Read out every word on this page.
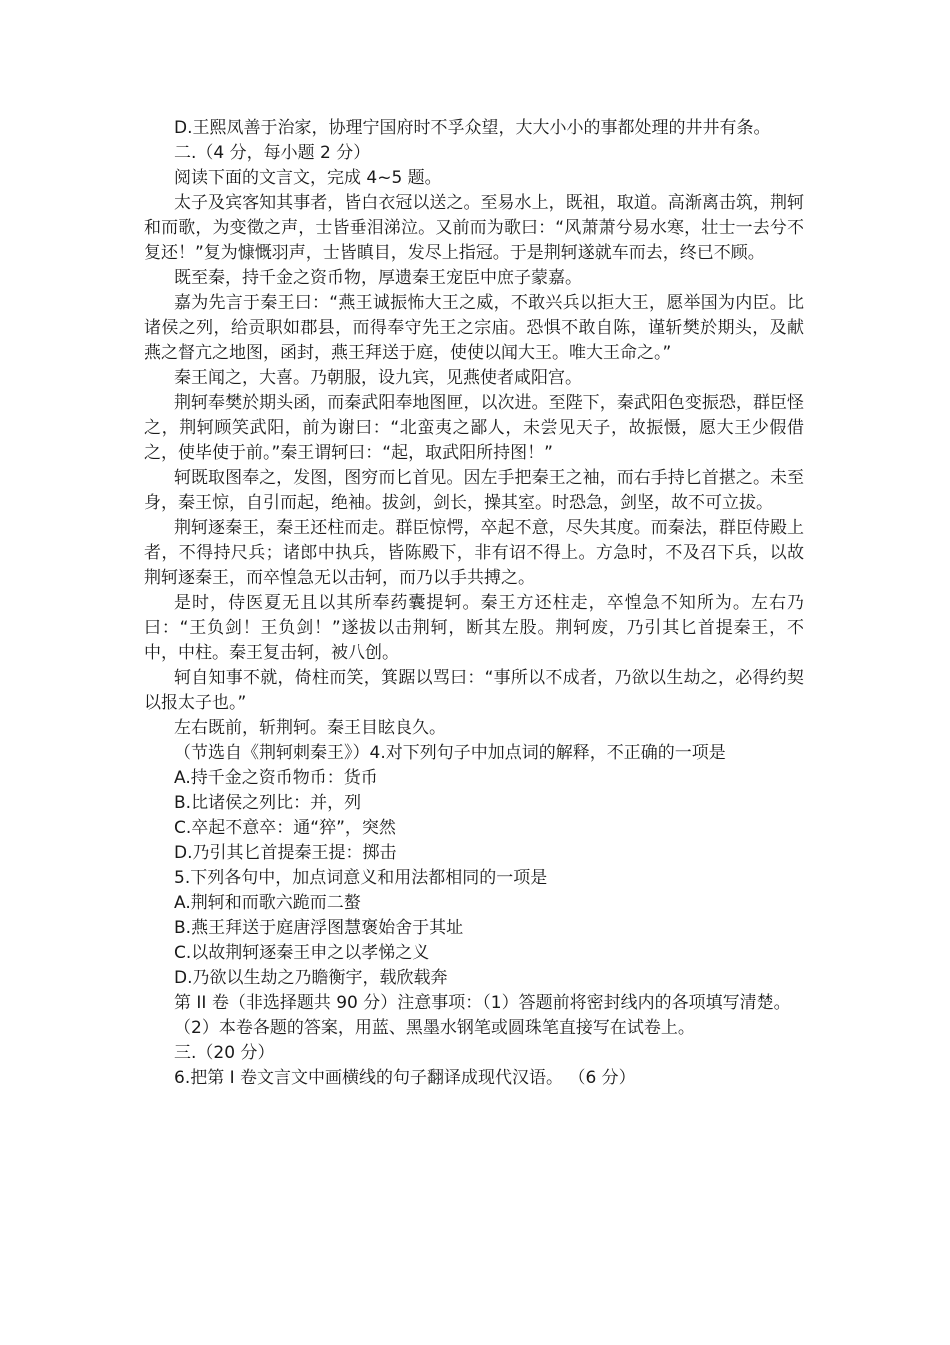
D.王熙凤善于治家，协理宁国府时不孚众望，大大小小的事都处理的井井有条。

二.（4 分，每小题 2 分）

阅读下面的文言文，完成 4~5 题。

太子及宾客知其事者，皆白衣冠以送之。至易水上，既祖，取道。高渐离击筑，荆轲和而歌，为变徵之声，士皆垂泪涕泣。又前而为歌曰：“风萧萧兮易水寒，壮士一去兮不复还！”复为慷慨羽声，士皆瞋目，发尽上指冠。于是荆轲遂就车而去，终已不顾。

既至秦，持千金之资币物，厚遗秦王宠臣中庶子蒙嘉。

嘉为先言于秦王曰：“燕王诚振怖大王之威，不敢兴兵以拒大王，愿举国为内臣。比诸侯之列，给贡职如郡县，而得奉守先王之宗庙。恐惧不敢自陈，谨斩樊於期头，及献燕之督亢之地图，函封，燕王拜送于庭，使使以闻大王。唯大王命之。”

秦王闻之，大喜。乃朝服，设九宾，见燕使者咸阳宫。

荆轲奉樊於期头函，而秦武阳奉地图匣，以次进。至陛下，秦武阳色变振恐，群臣怪之，荆轲顾笑武阳，前为谢曰：“北蛮夷之鄙人，未尝见天子，故振慑，愿大王少假借之，使毕使于前。”秦王谓轲曰：“起，取武阳所持图！”

轲既取图奉之，发图，图穷而匕首见。因左手把秦王之袖，而右手持匕首揕之。未至身，秦王惊，自引而起，绝袖。拔剑，剑长，操其室。时恐急，剑坚，故不可立拔。

荆轲逐秦王，秦王还柱而走。群臣惊愕，卒起不意，尽失其度。而秦法，群臣侍殿上者，不得持尺兵；诸郎中执兵，皆陈殿下，非有诏不得上。方急时，不及召下兵，以故荆轲逐秦王，而卒惶急无以击轲，而乃以手共搏之。

是时，侍医夏无且以其所奉药囊提轲。秦王方还柱走，卒惶急不知所为。左右乃曰：“王负剑！王负剑！”遂拔以击荆轲，断其左股。荆轲废，乃引其匕首提秦王，不中，中柱。秦王复击轲，被八创。

轲自知事不就，倚柱而笑，箕踞以骂曰：“事所以不成者，乃欲以生劫之，必得约契以报太子也。”

左右既前，斩荆轲。秦王目眩良久。

（节选自《荆轲刺秦王》）4.对下列句子中加点词的解释，不正确的一项是

A.持千金之资币物币：货币

B.比诸侯之列比：并，列

C.卒起不意卒：通“猝”，突然

D.乃引其匕首提秦王提：掷击

5.下列各句中，加点词意义和用法都相同的一项是

A.荆轲和而歌六跪而二螯

B.燕王拜送于庭唐浮图慧褒始舍于其址

C.以故荆轲逐秦王申之以孝悌之义

D.乃欲以生劫之乃瞻衡宇，载欣载奔

第 II 卷（非选择题共 90 分）注意事项：（1）答题前将密封线内的各项填写清楚。

（2）本卷各题的答案，用蓝、黑墨水钢笔或圆珠笔直接写在试卷上。

三.（20 分）

6.把第 I 卷文言文中画横线的句子翻译成现代汉语。 （6 分）
